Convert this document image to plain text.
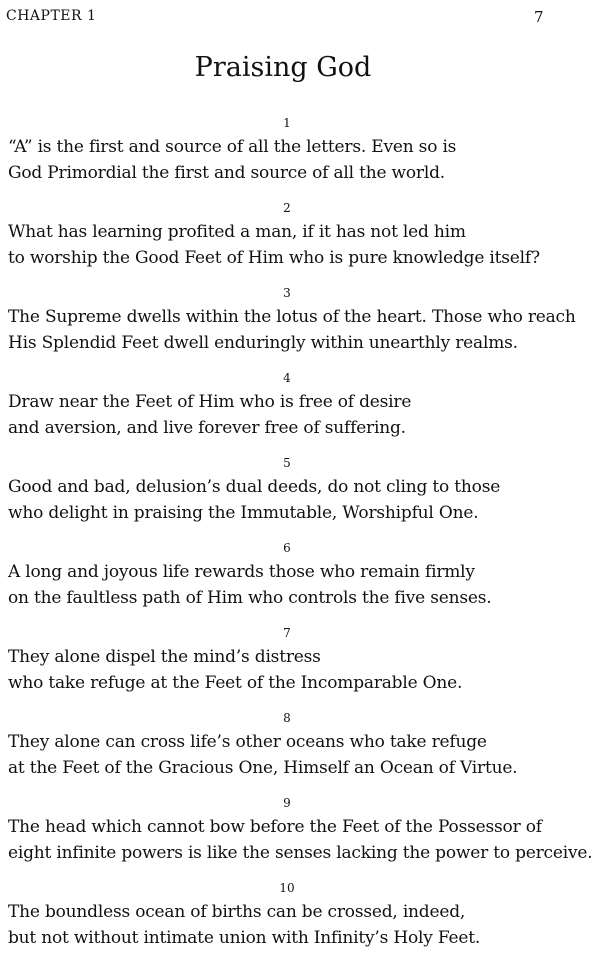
CHAPTER 1	7
Praising God
1
“A” is the first and source of all the letters. Even so is
God Primordial the first and source of all the world.
2
What has learning profited a man, if it has not led him
to worship the Good Feet of Him who is pure knowledge itself?
3
The Supreme dwells within the lotus of the heart. Those who reach
His Splendid Feet dwell enduringly within unearthly realms.
4
Draw near the Feet of Him who is free of desire
and aversion, and live forever free of suffering.
5
Good and bad, delusion’s dual deeds, do not cling to those
who delight in praising the Immutable, Worshipful One.
6
A long and joyous life rewards those who remain firmly
on the faultless path of Him who controls the five senses.
7
They alone dispel the mind’s distress
who take refuge at the Feet of the Incomparable One.
8
They alone can cross life’s other oceans who take refuge
at the Feet of the Gracious One, Himself an Ocean of Virtue.
9
The head which cannot bow before the Feet of the Possessor of
eight infinite powers is like the senses lacking the power to perceive.
10
The boundless ocean of births can be crossed, indeed,
but not without intimate union with Infinity’s Holy Feet.
